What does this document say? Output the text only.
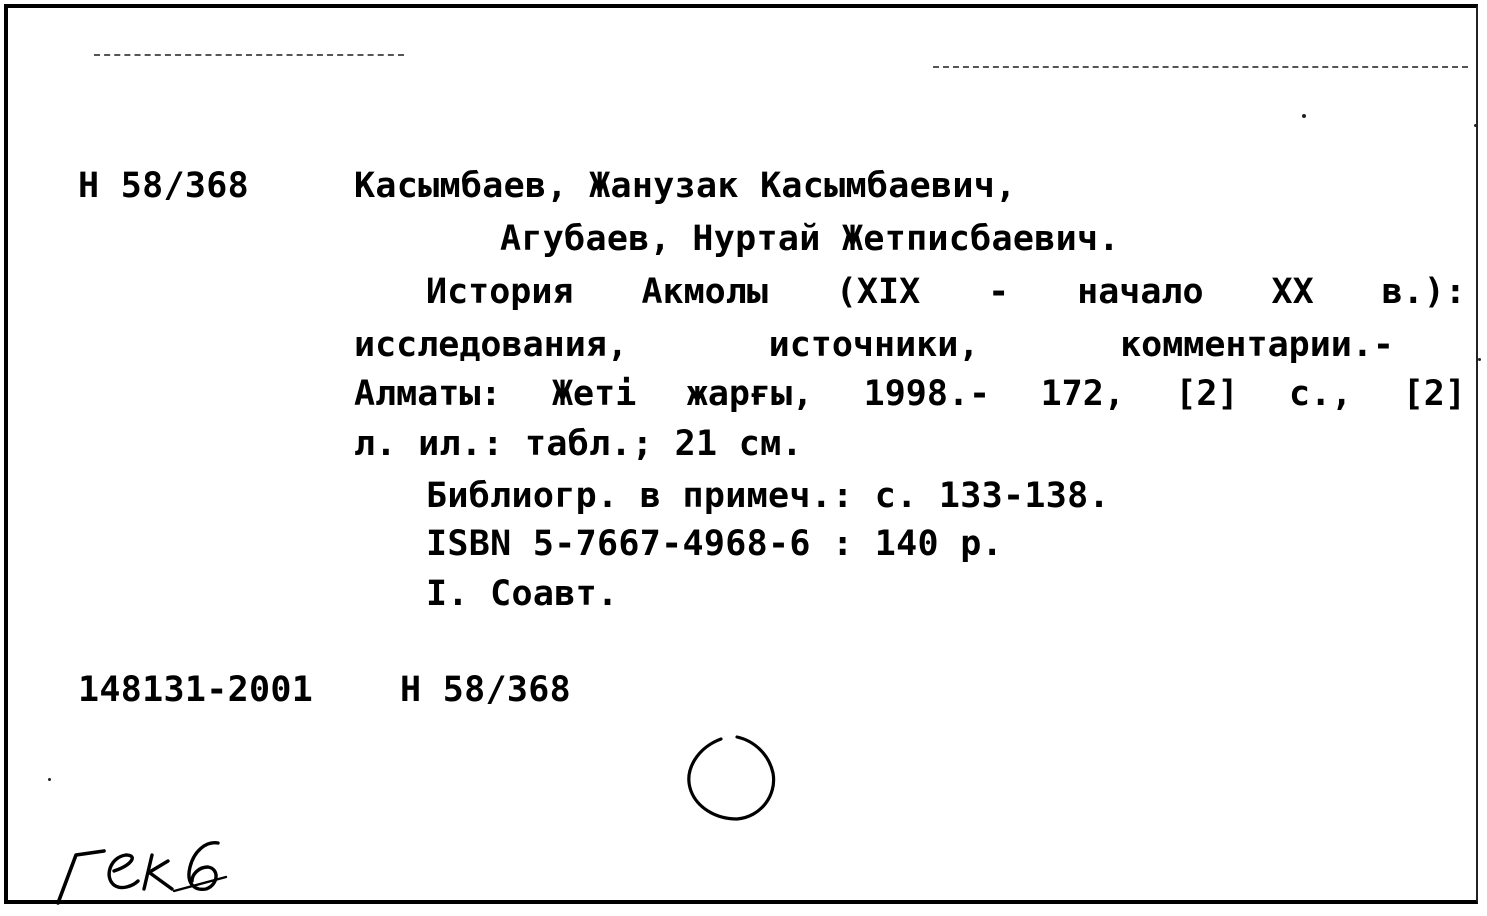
Н 58/368	Касымбаев, Жанузак Касымбаевич,
Агубаев, Нуртай Жетписбаевич.
История Акмолы (XIX - начало XX в.):
исследования,	источники,	комментарии.-
Алматы: Жеті жарғы, 1998.- 172, [2] с., [2]
л. ил.: табл.; 21 см.
Библиогр. в примеч.: с. 133-138.
ISBN 5-7667-4968-6 : 140 р.
I. Соавт.
148131-2001 Н 58/368
